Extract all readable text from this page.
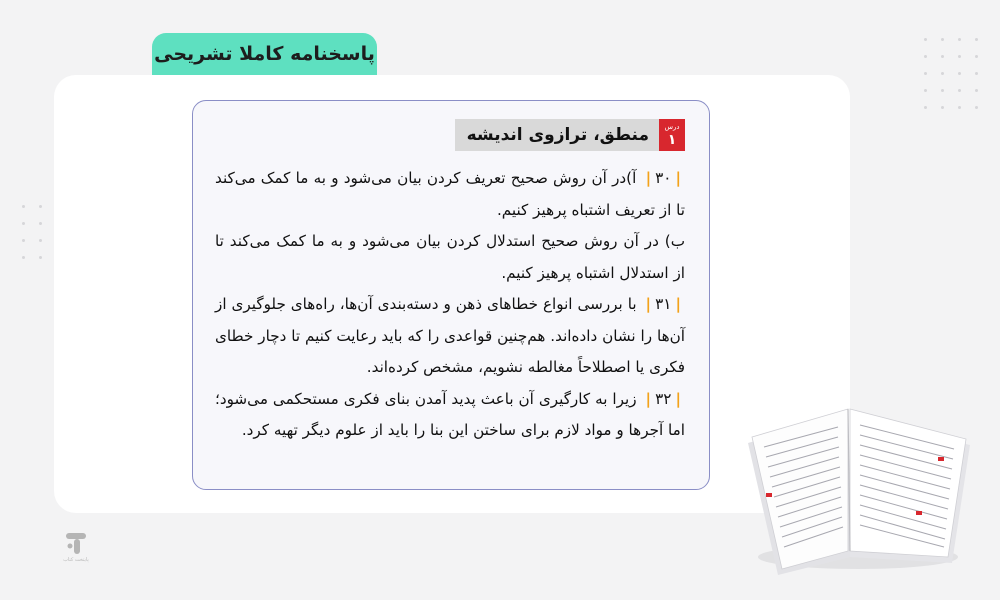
پاسخنامه کاملا تشریحی
درس
۱
منطق، ترازوی اندیشه

|۳۰| آ)در آن روش صحیح تعریف کردن بیان می‌شود و به ما کمک می‌کند تا از تعریف اشتباه پرهیز کنیم.

ب) در آن روش صحیح استدلال کردن بیان می‌شود و به ما کمک می‌کند تا از استدلال اشتباه پرهیز کنیم.

|۳۱| با بررسی انواع خطاهای ذهن و دسته‌بندی آن‌ها، راه‌های جلوگیری از آن‌ها را نشان داده‌اند. هم‌چنین قواعدی را که باید رعایت کنیم تا دچار خطای فکری یا اصطلاحاً مغالطه نشویم، مشخص کرده‌اند.

|۳۲| زیرا به کارگیری آن باعث پدید آمدن بنای فکری مستحکمی می‌شود؛ اما آجرها و مواد لازم برای ساختن این بنا را باید از علوم دیگر تهیه کرد.

پایتخت کتاب
